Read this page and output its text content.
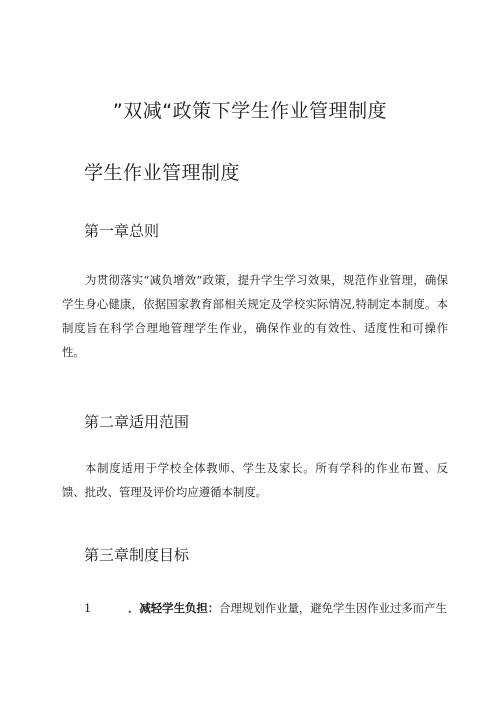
”双减“政策下学生作业管理制度
学生作业管理制度
第一章总则

为贯彻落实“减负增效”政策，提升学生学习效果，规范作业管理，确保学生身心健康，依据国家教育部相关规定及学校实际情况,特制定本制度。本制度旨在科学合理地管理学生作业，确保作业的有效性、适度性和可操作性。

第二章适用范围

本制度适用于学校全体教师、学生及家长。所有学科的作业布置、反馈、批改、管理及评价均应遵循本制度。

第三章制度目标
1	．减轻学生负担：合理规划作业量，避免学生因作业过多而产生
